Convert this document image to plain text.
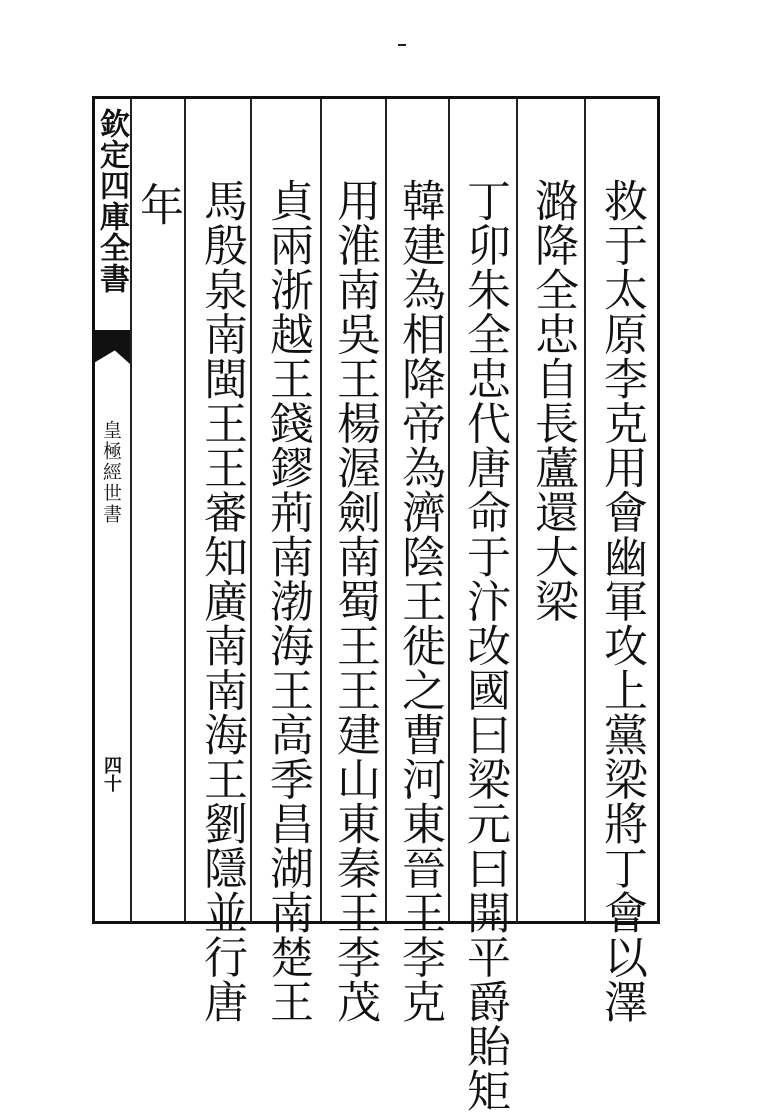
欽定四庫全書
皇極經世書
四十	救于太原李克用會幽軍攻上黨梁將丁會以澤
潞降全忠自長蘆還大梁
丁卯朱全忠代唐命于汴改國曰梁元曰開平爵貽矩
韓建為相降帝為濟陰王徙之曹河東晉王李克
用淮南吳王楊渥劍南蜀王王建山東秦王李茂
貞兩浙越王錢鏐荊南渤海王高季昌湖南楚王
馬殷泉南閩王王審知廣南南海王劉隱並行唐
年
